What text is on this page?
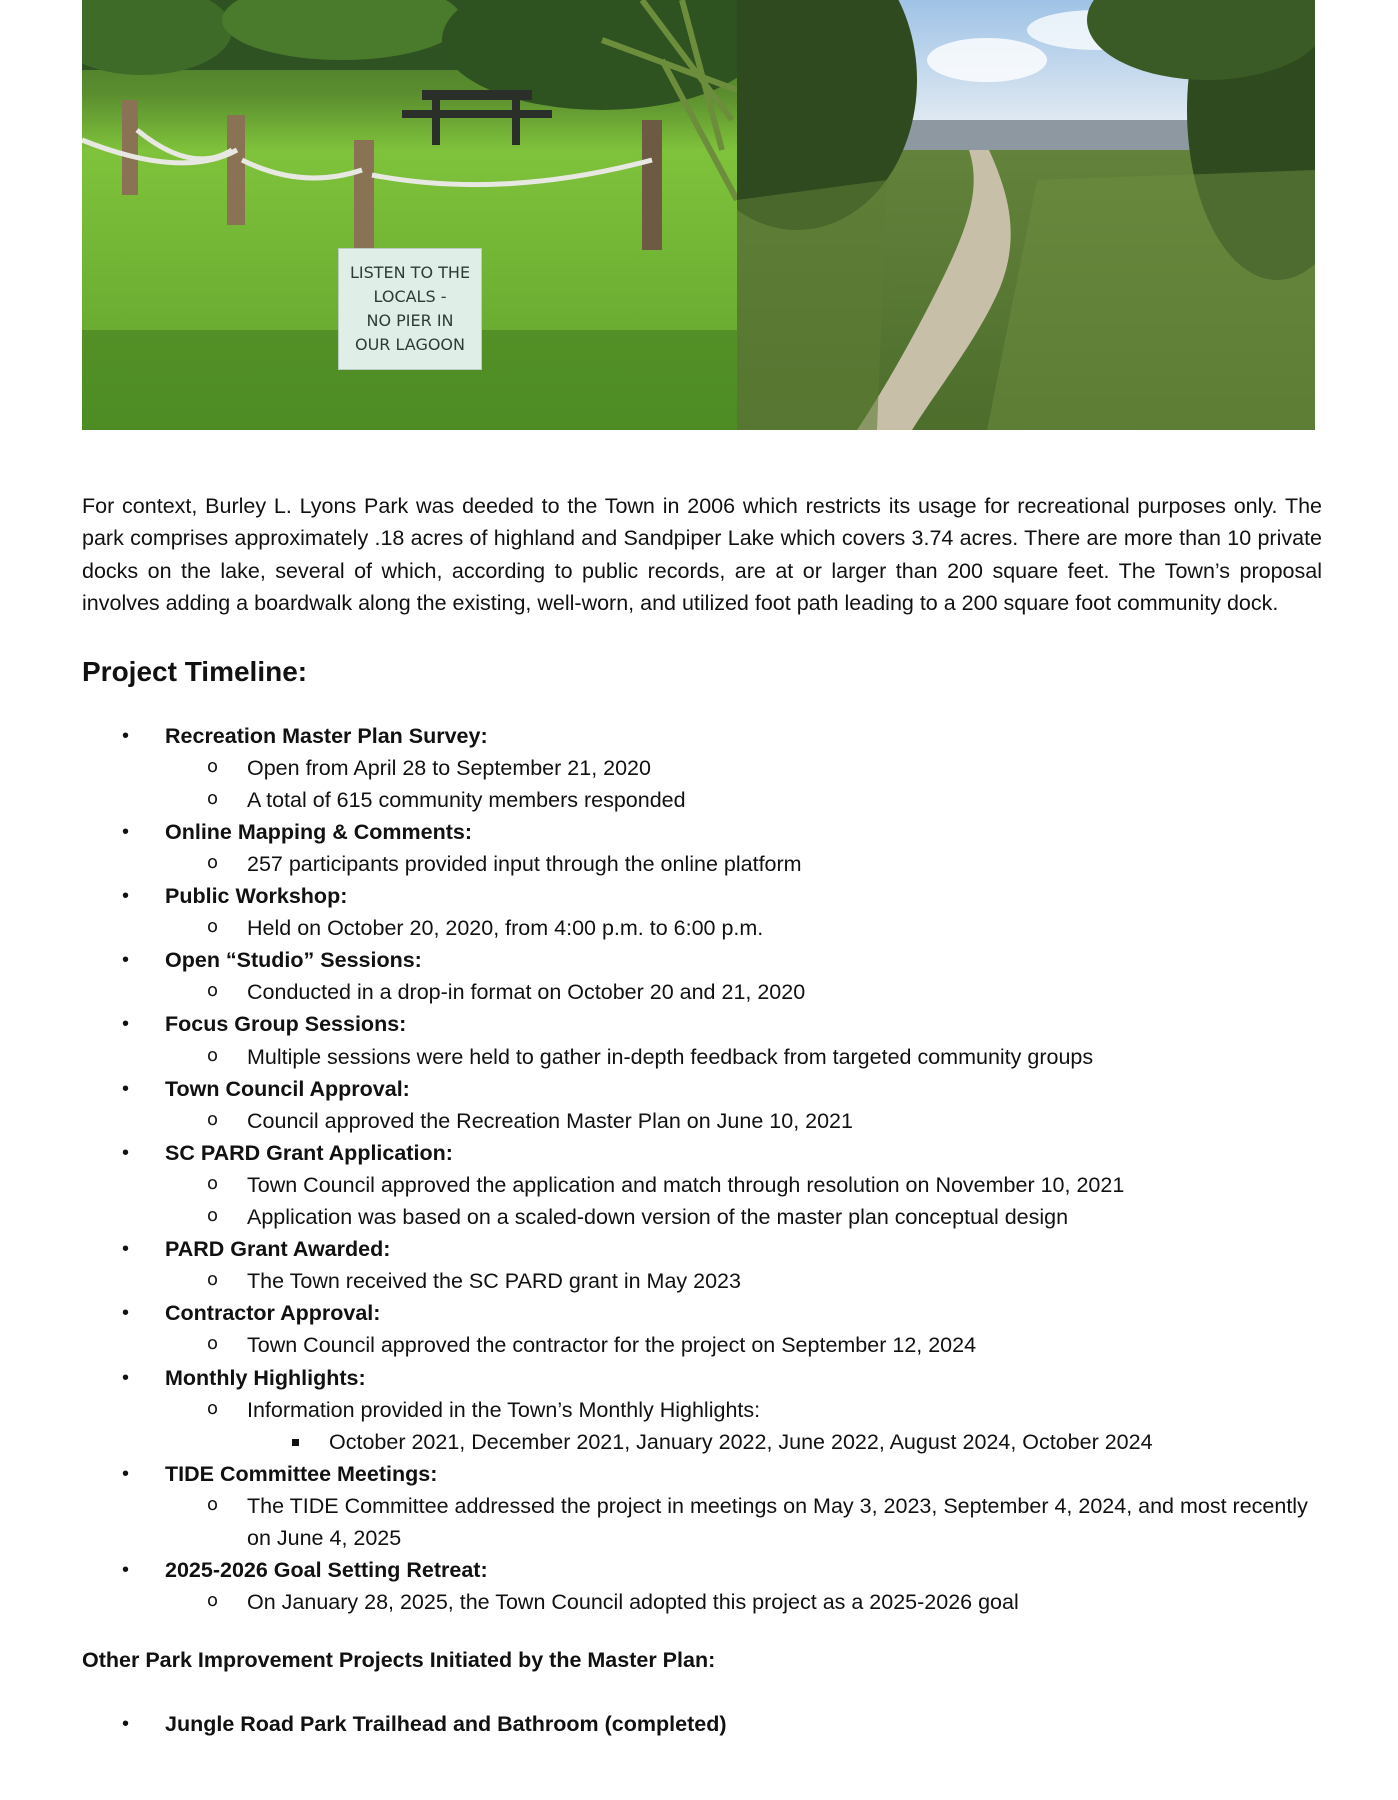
LISTEN TO THE
LOCALS -
NO PIER IN
OUR LAGOON

For context, Burley L. Lyons Park was deeded to the Town in 2006 which restricts its usage for recreational purposes only. The park comprises approximately .18 acres of highland and Sandpiper Lake which covers 3.74 acres. There are more than 10 private docks on the lake, several of which, according to public records, are at or larger than 200 square feet. The Town’s proposal involves adding a boardwalk along the existing, well-worn, and utilized foot path leading to a 200 square foot community dock.

Project Timeline:
• Recreation Master Plan Survey:
o Open from April 28 to September 21, 2020
o A total of 615 community members responded
• Online Mapping & Comments:
o 257 participants provided input through the online platform
• Public Workshop:
o Held on October 20, 2020, from 4:00 p.m. to 6:00 p.m.
• Open “Studio” Sessions:
o Conducted in a drop-in format on October 20 and 21, 2020
• Focus Group Sessions:
o Multiple sessions were held to gather in-depth feedback from targeted community groups
• Town Council Approval:
o Council approved the Recreation Master Plan on June 10, 2021
• SC PARD Grant Application:
o Town Council approved the application and match through resolution on November 10, 2021
o Application was based on a scaled-down version of the master plan conceptual design
• PARD Grant Awarded:
o The Town received the SC PARD grant in May 2023
• Contractor Approval:
o Town Council approved the contractor for the project on September 12, 2024
• Monthly Highlights:
o Information provided in the Town’s Monthly Highlights:
October 2021, December 2021, January 2022, June 2022, August 2024, October 2024
• TIDE Committee Meetings:
o The TIDE Committee addressed the project in meetings on May 3, 2023, September 4, 2024, and most recently on June 4, 2025
• 2025-2026 Goal Setting Retreat:
o On January 28, 2025, the Town Council adopted this project as a 2025-2026 goal
Other Park Improvement Projects Initiated by the Master Plan:
• Jungle Road Park Trailhead and Bathroom (completed)
